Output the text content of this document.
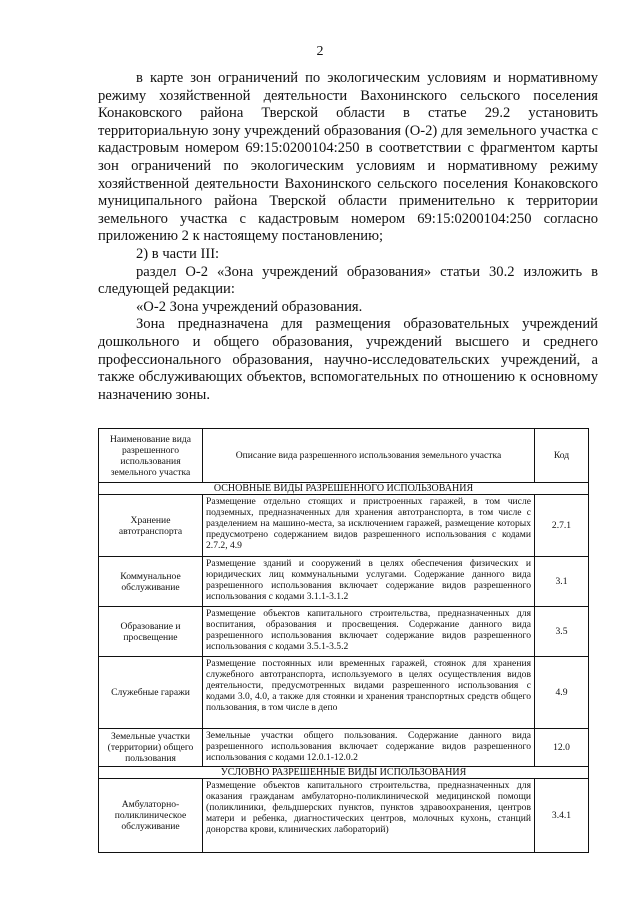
2

в карте зон ограничений по экологическим условиям и нормативному режиму хозяйственной деятельности Вахонинского сельского поселения Конаковского района Тверской области в статье 29.2 установить территориальную зону учреждений образования (О-2) для земельного участка с кадастровым номером 69:15:0200104:250 в соответствии с фрагментом карты зон ограничений по экологическим условиям и нормативному режиму хозяйственной деятельности Вахонинского сельского поселения Конаковского муниципального района Тверской области применительно к территории земельного участка с кадастровым номером 69:15:0200104:250 согласно приложению 2 к настоящему постановлению;

2) в части III:

раздел О-2 «Зона учреждений образования» статьи 30.2 изложить в следующей редакции:

«О-2 Зона учреждений образования.

Зона предназначена для размещения образовательных учреждений дошкольного и общего образования, учреждений высшего и среднего профессионального образования, научно-исследовательских учреждений, а также обслуживающих объектов, вспомогательных по отношению к основному назначению зоны.

Наименование вида разрешенного использования земельного участка	Описание вида разрешенного использования земельного участка	Код
ОСНОВНЫЕ ВИДЫ РАЗРЕШЕННОГО ИСПОЛЬЗОВАНИЯ		
Хранение автотранспорта	Размещение отдельно стоящих и пристроенных гаражей, в том числе подземных, предназначенных для хранения автотранспорта, в том числе с разделением на машино-места, за исключением гаражей, размещение которых предусмотрено содержанием видов разрешенного использования с кодами 2.7.2, 4.9	2.7.1
Коммунальное обслуживание	Размещение зданий и сооружений в целях обеспечения физических и юридических лиц коммунальными услугами. Содержание данного вида разрешенного использования включает содержание видов разрешенного использования с кодами 3.1.1-3.1.2	3.1
Образование и просвещение	Размещение объектов капитального строительства, предназначенных для воспитания, образования и просвещения. Содержание данного вида разрешенного использования включает содержание видов разрешенного использования с кодами 3.5.1-3.5.2	3.5
Служебные гаражи	Размещение постоянных или временных гаражей, стоянок для хранения служебного автотранспорта, используемого в целях осуществления видов деятельности, предусмотренных видами разрешенного использования с кодами 3.0, 4.0, а также для стоянки и хранения транспортных средств общего пользования, в том числе в депо	4.9
Земельные участки (территории) общего пользования	Земельные участки общего пользования. Содержание данного вида разрешенного использования включает содержание видов разрешенного использования с кодами 12.0.1-12.0.2	12.0
УСЛОВНО РАЗРЕШЕННЫЕ ВИДЫ ИСПОЛЬЗОВАНИЯ		
Амбулаторно-поликлиническое обслуживание	Размещение объектов капитального строительства, предназначенных для оказания гражданам амбулаторно-поликлинической медицинской помощи (поликлиники, фельдшерских пунктов, пунктов здравоохранения, центров матери и ребенка, диагностических центров, молочных кухонь, станций донорства крови, клинических лабораторий)	3.4.1
